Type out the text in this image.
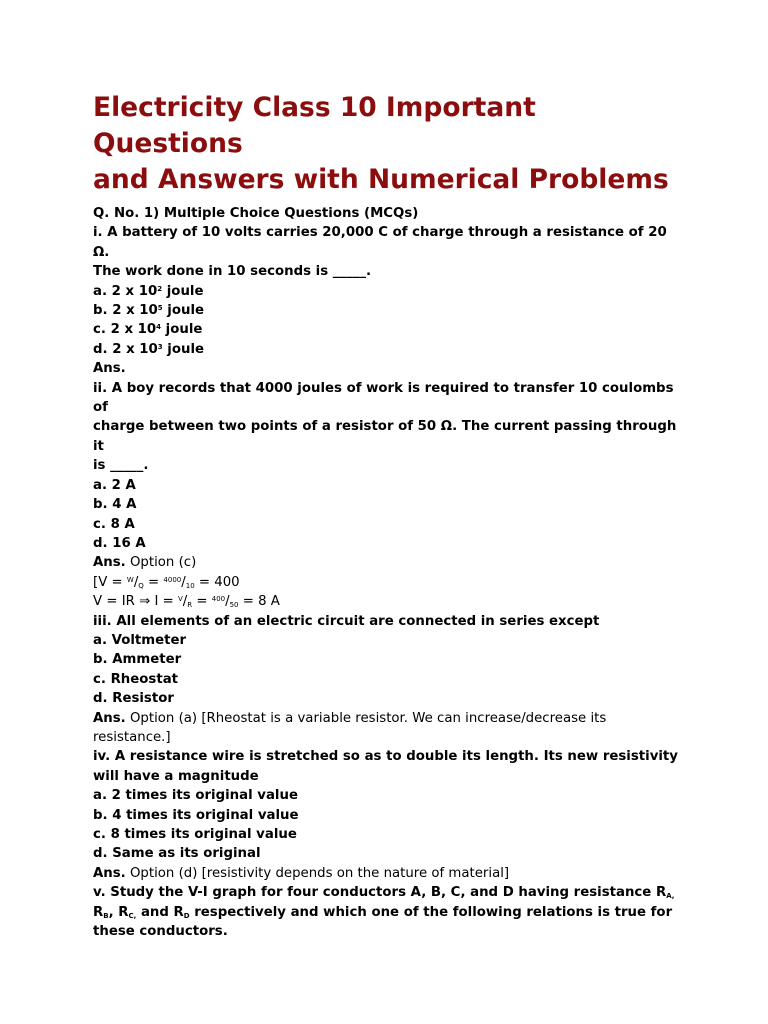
Electricity Class 10 Important Questions
and Answers with Numerical Problems
Q. No. 1) Multiple Choice Questions (MCQs)
i. A battery of 10 volts carries 20,000 C of charge through a resistance of 20 Ω.
The work done in 10 seconds is _____.
a. 2 x $10^2$ joule
b. 2 x $10^5$ joule
c. 2 x $10^4$ joule
d. 2 x $10^3$ joule
Ans.
ii. A boy records that 4000 joules of work is required to transfer 10 coulombs of
charge between two points of a resistor of 50 Ω. The current passing through it
is _____.
a. 2 A
b. 4 A
c. 8 A
d. 16 A
Ans. Option (c)
[$V = ^W/_Q = ^{4000}/_{10} = 400$
V = IR ⇒ $I = ^V/_R = ^{400}/_{50} = 8$ A
iii. All elements of an electric circuit are connected in series except
a. Voltmeter
b. Ammeter
c. Rheostat
d. Resistor
Ans. Option (a) [Rheostat is a variable resistor. We can increase/decrease its
resistance.]
iv. A resistance wire is stretched so as to double its length. Its new resistivity
will have a magnitude
a. 2 times its original value
b. 4 times its original value
c. 8 times its original value
d. Same as its original
Ans. Option (d) [resistivity depends on the nature of material]
v. Study the V-I graph for four conductors A, B, C, and D having resistance $R_{A,}$
$R_B$, $R_{C,}$ and $R_D$ respectively and which one of the following relations is true for
these conductors.
